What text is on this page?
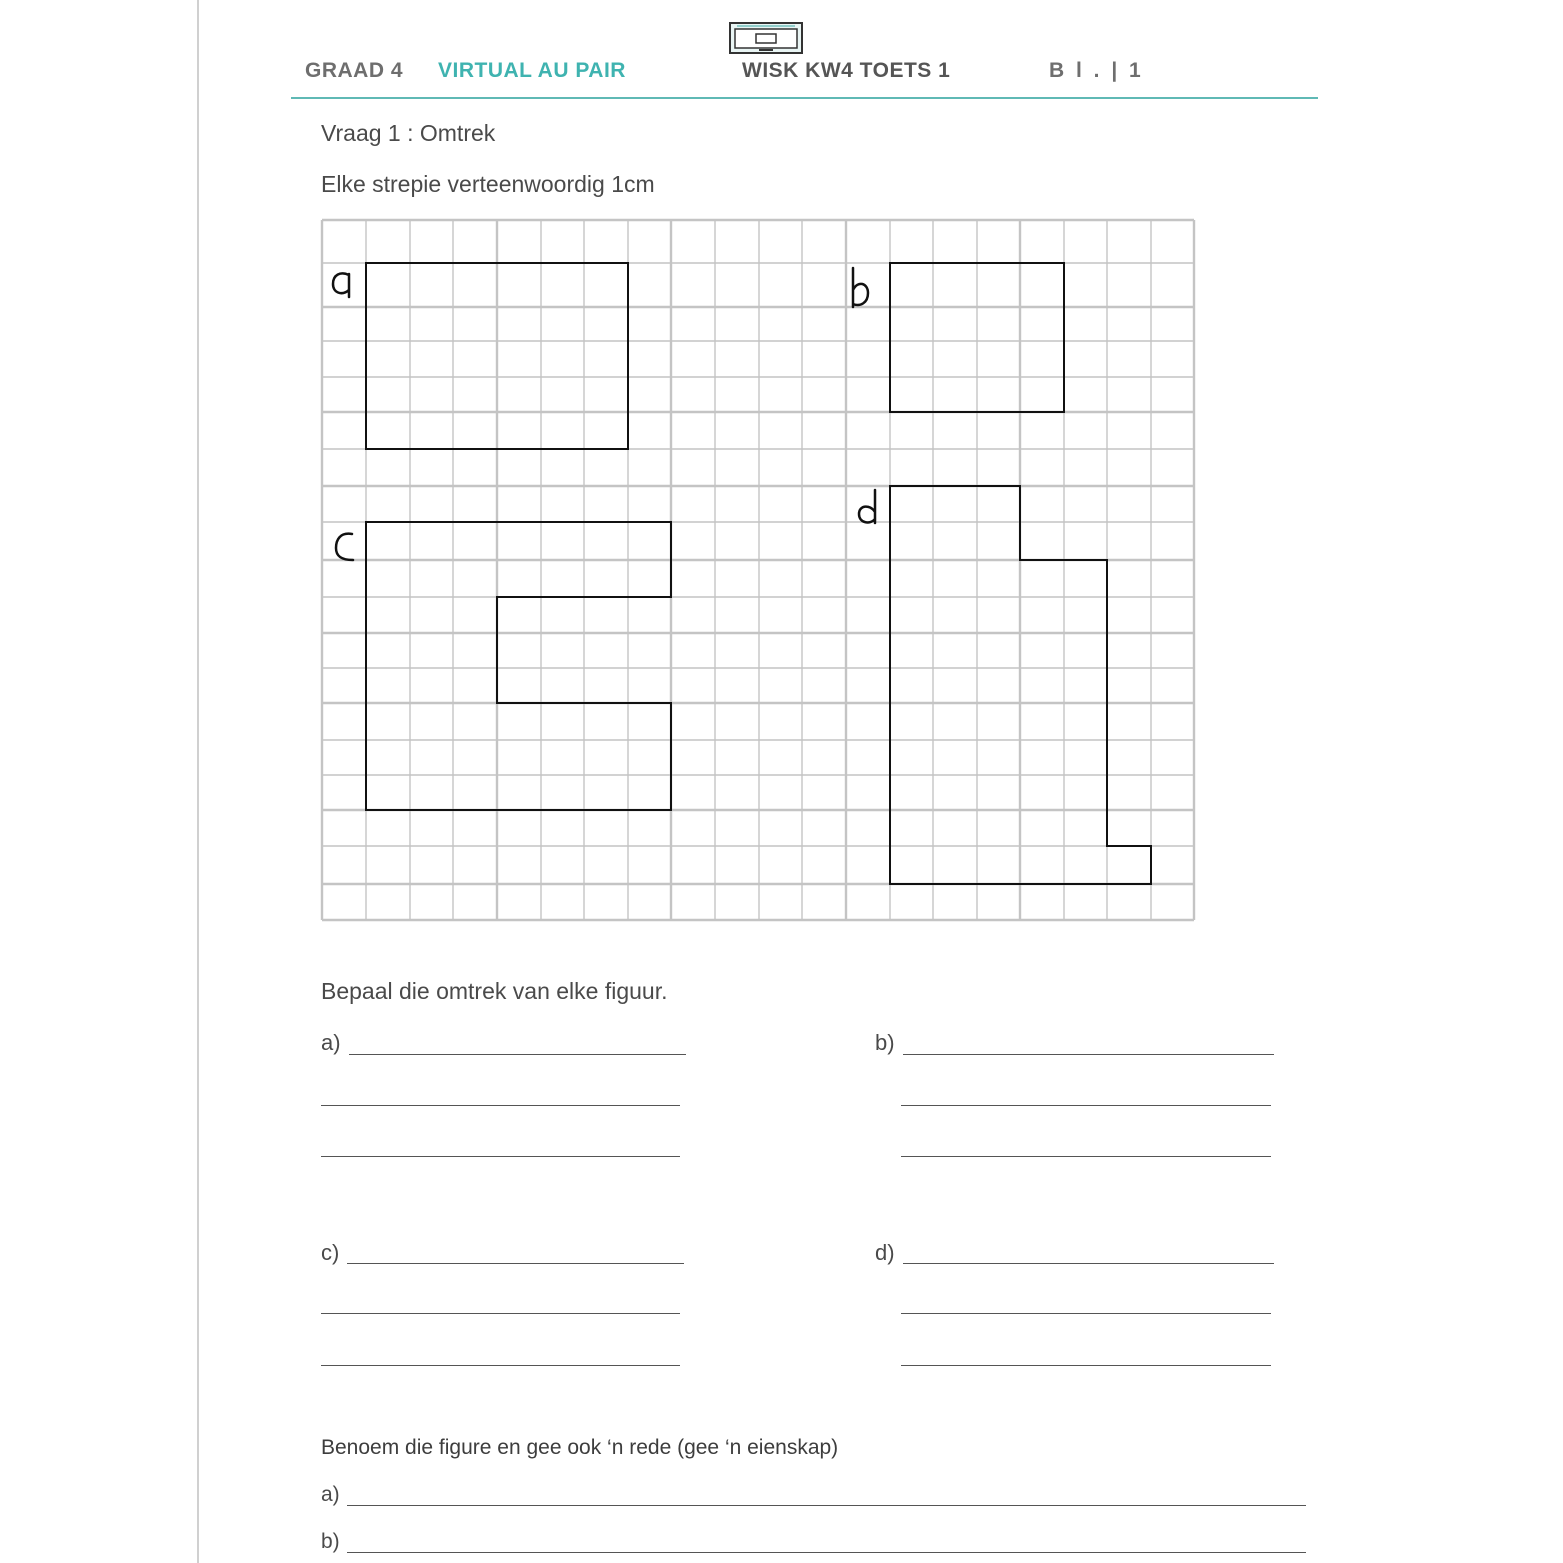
GRAAD 4 VIRTUAL AU PAIR	WISK KW4 TOETS 1	B l . | 1
Vraag 1 : Omtrek
Elke strepie verteenwoordig 1cm
Bepaal die omtrek van elke figuur.
a)	b)
c)	d)
Benoem die figure en gee ook ‘n rede (gee ‘n eienskap)
a)
b)
